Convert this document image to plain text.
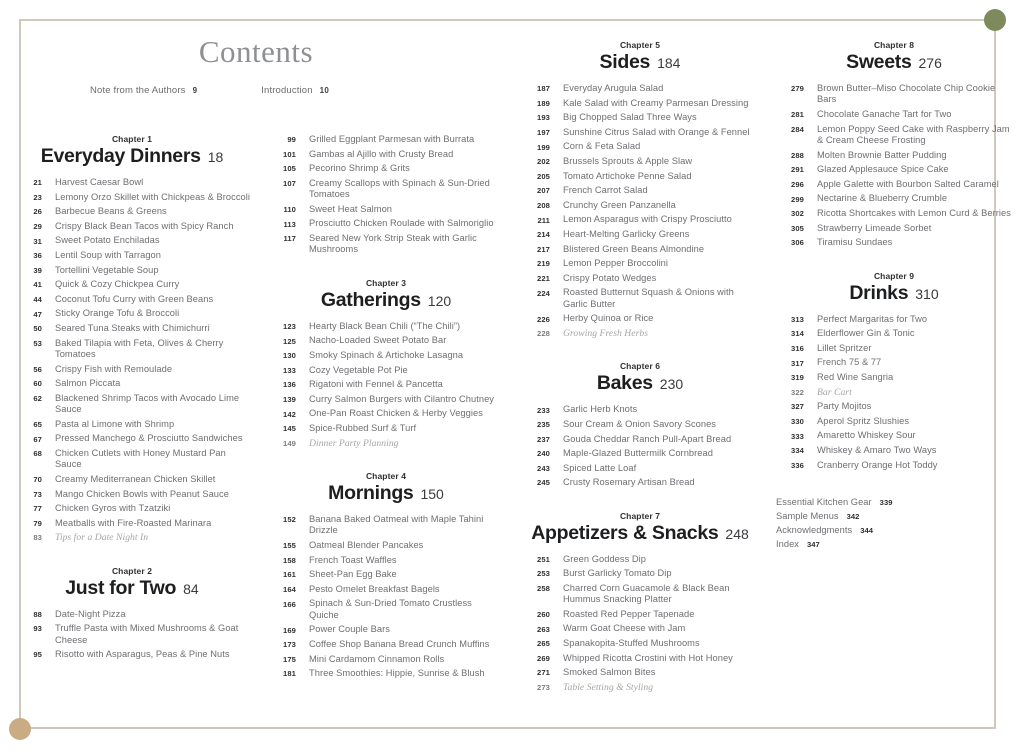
Contents
Note from the Authors 9	Introduction 10
Chapter 1
Everyday Dinners 18
21 Harvest Caesar Bowl
23 Lemony Orzo Skillet with Chickpeas & Broccoli
26 Barbecue Beans & Greens
29 Crispy Black Bean Tacos with Spicy Ranch
31 Sweet Potato Enchiladas
36 Lentil Soup with Tarragon
39 Tortellini Vegetable Soup
41 Quick & Cozy Chickpea Curry
44 Coconut Tofu Curry with Green Beans
47 Sticky Orange Tofu & Broccoli
50 Seared Tuna Steaks with Chimichurri
53 Baked Tilapia with Feta, Olives & Cherry Tomatoes
56 Crispy Fish with Remoulade
60 Salmon Piccata
62 Blackened Shrimp Tacos with Avocado Lime Sauce
65 Pasta al Limone with Shrimp
67 Pressed Manchego & Prosciutto Sandwiches
68 Chicken Cutlets with Honey Mustard Pan Sauce
70 Creamy Mediterranean Chicken Skillet
73 Mango Chicken Bowls with Peanut Sauce
77 Chicken Gyros with Tzatziki
79 Meatballs with Fire-Roasted Marinara
83 Tips for a Date Night In
Chapter 2
Just for Two 84
88 Date-Night Pizza
93 Truffle Pasta with Mixed Mushrooms & Goat Cheese
95 Risotto with Asparagus, Peas & Pine Nuts
99 Grilled Eggplant Parmesan with Burrata
101 Gambas al Ajillo with Crusty Bread
105 Pecorino Shrimp & Grits
107 Creamy Scallops with Spinach & Sun-Dried Tomatoes
110 Sweet Heat Salmon
113 Prosciutto Chicken Roulade with Salmoriglio
117 Seared New York Strip Steak with Garlic Mushrooms
Chapter 3
Gatherings 120
123 Hearty Black Bean Chili (“The Chili”)
125 Nacho-Loaded Sweet Potato Bar
130 Smoky Spinach & Artichoke Lasagna
133 Cozy Vegetable Pot Pie
136 Rigatoni with Fennel & Pancetta
139 Curry Salmon Burgers with Cilantro Chutney
142 One-Pan Roast Chicken & Herby Veggies
145 Spice-Rubbed Surf & Turf
149 Dinner Party Planning
Chapter 4
Mornings 150
152 Banana Baked Oatmeal with Maple Tahini Drizzle
155 Oatmeal Blender Pancakes
158 French Toast Waffles
161 Sheet-Pan Egg Bake
164 Pesto Omelet Breakfast Bagels
166 Spinach & Sun-Dried Tomato Crustless Quiche
169 Power Couple Bars
173 Coffee Shop Banana Bread Crunch Muffins
175 Mini Cardamom Cinnamon Rolls
181 Three Smoothies: Hippie, Sunrise & Blush
Chapter 5
Sides 184
187 Everyday Arugula Salad
189 Kale Salad with Creamy Parmesan Dressing
193 Big Chopped Salad Three Ways
197 Sunshine Citrus Salad with Orange & Fennel
199 Corn & Feta Salad
202 Brussels Sprouts & Apple Slaw
205 Tomato Artichoke Penne Salad
207 French Carrot Salad
208 Crunchy Green Panzanella
211 Lemon Asparagus with Crispy Prosciutto
214 Heart-Melting Garlicky Greens
217 Blistered Green Beans Almondine
219 Lemon Pepper Broccolini
221 Crispy Potato Wedges
224 Roasted Butternut Squash & Onions with Garlic Butter
226 Herby Quinoa or Rice
228 Growing Fresh Herbs
Chapter 6
Bakes 230
233 Garlic Herb Knots
235 Sour Cream & Onion Savory Scones
237 Gouda Cheddar Ranch Pull-Apart Bread
240 Maple-Glazed Buttermilk Cornbread
243 Spiced Latte Loaf
245 Crusty Rosemary Artisan Bread
Chapter 7
Appetizers & Snacks 248
251 Green Goddess Dip
253 Burst Garlicky Tomato Dip
258 Charred Corn Guacamole & Black Bean Hummus Snacking Platter
260 Roasted Red Pepper Tapenade
263 Warm Goat Cheese with Jam
265 Spanakopita-Stuffed Mushrooms
269 Whipped Ricotta Crostini with Hot Honey
271 Smoked Salmon Bites
273 Table Setting & Styling
Chapter 8
Sweets 276
279 Brown Butter–Miso Chocolate Chip Cookie Bars
281 Chocolate Ganache Tart for Two
284 Lemon Poppy Seed Cake with Raspberry Jam & Cream Cheese Frosting
288 Molten Brownie Batter Pudding
291 Glazed Applesauce Spice Cake
296 Apple Galette with Bourbon Salted Caramel
299 Nectarine & Blueberry Crumble
302 Ricotta Shortcakes with Lemon Curd & Berries
305 Strawberry Limeade Sorbet
306 Tiramisu Sundaes
Chapter 9
Drinks 310
313 Perfect Margaritas for Two
314 Elderflower Gin & Tonic
316 Lillet Spritzer
317 French 75 & 77
319 Red Wine Sangria
322 Bar Cart
327 Party Mojitos
330 Aperol Spritz Slushies
333 Amaretto Whiskey Sour
334 Whiskey & Amaro Two Ways
336 Cranberry Orange Hot Toddy
Essential Kitchen Gear 339
Sample Menus 342
Acknowledgments 344
Index 347
